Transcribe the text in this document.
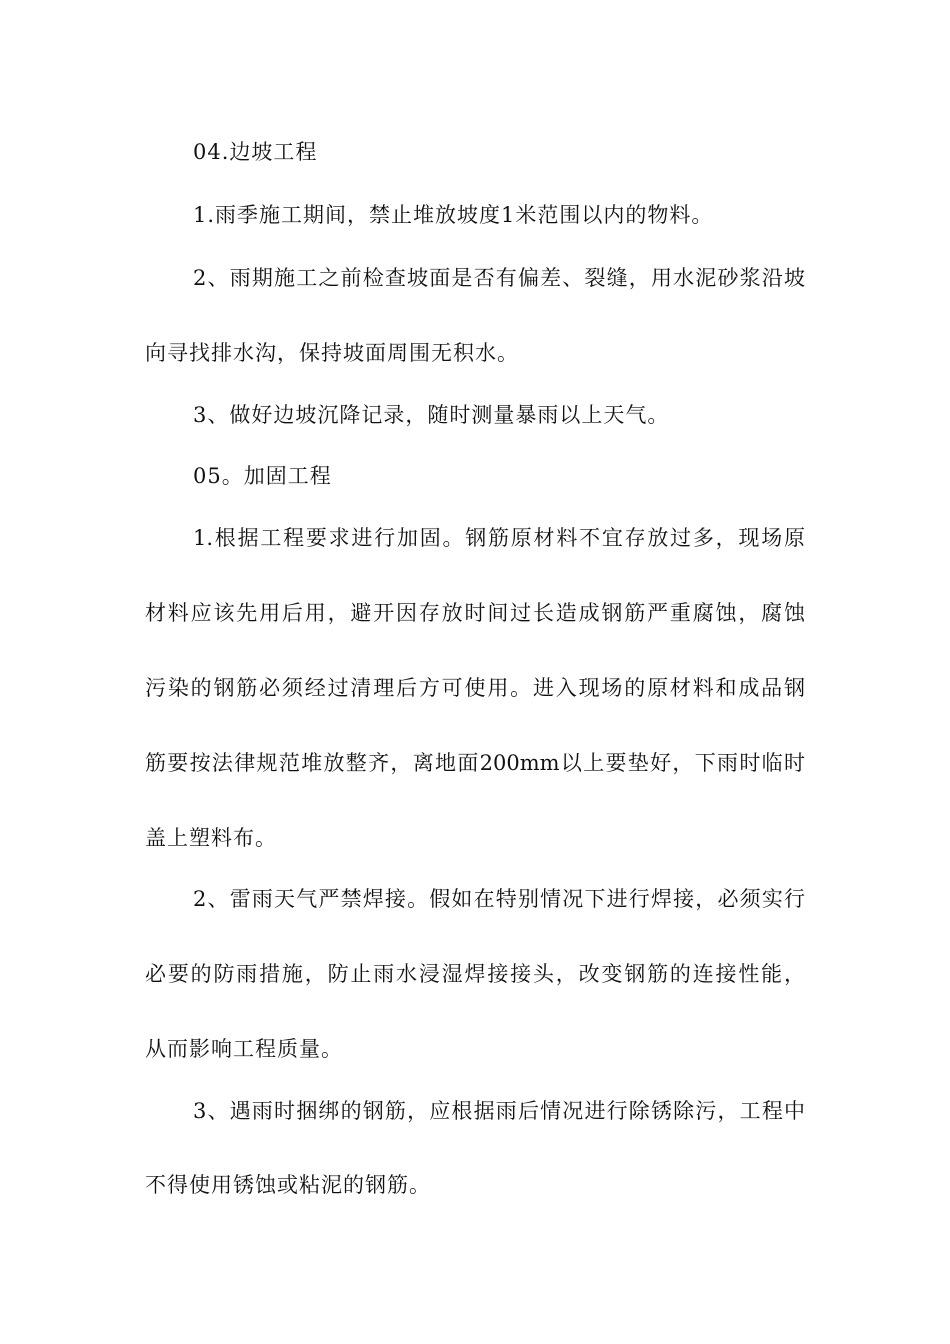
04.边坡工程
1.雨季施工期间，禁止堆放坡度1米范围以内的物料。
2、雨期施工之前检查坡面是否有偏差、裂缝，用水泥砂浆沿坡
向寻找排水沟，保持坡面周围无积水。
3、做好边坡沉降记录，随时测量暴雨以上天气。
05。加固工程
1.根据工程要求进行加固。钢筋原材料不宜存放过多，现场原
材料应该先用后用，避开因存放时间过长造成钢筋严重腐蚀，腐蚀
污染的钢筋必须经过清理后方可使用。进入现场的原材料和成品钢
筋要按法律规范堆放整齐，离地面200mm以上要垫好，下雨时临时
盖上塑料布。
2、雷雨天气严禁焊接。假如在特别情况下进行焊接，必须实行
必要的防雨措施，防止雨水浸湿焊接接头，改变钢筋的连接性能，
从而影响工程质量。
3、遇雨时捆绑的钢筋，应根据雨后情况进行除锈除污，工程中
不得使用锈蚀或粘泥的钢筋。
